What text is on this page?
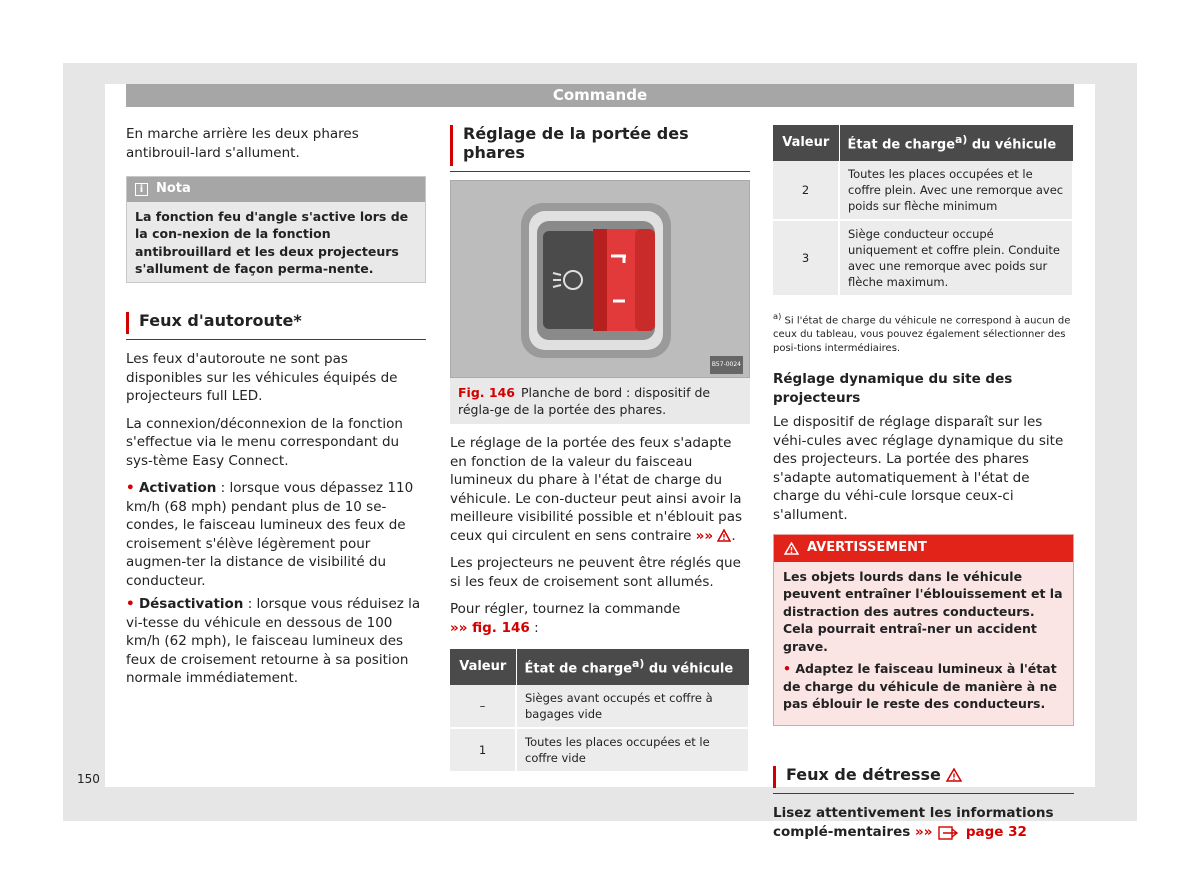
Commande

En marche arrière les deux phares antibrouil-lard s'allument.

i Nota
La fonction feu d'angle s'active lors de la con-nexion de la fonction antibrouillard et les deux projecteurs s'allument de façon perma-nente.
Feux d'autoroute*

Les feux d'autoroute ne sont pas disponibles sur les véhicules équipés de projecteurs full LED.

La connexion/déconnexion de la fonction s'effectue via le menu correspondant du sys-tème Easy Connect.

• Activation : lorsque vous dépassez 110 km/h (68 mph) pendant plus de 10 se-condes, le faisceau lumineux des feux de croisement s'élève légèrement pour augmen-ter la distance de visibilité du conducteur.

• Désactivation : lorsque vous réduisez la vi-tesse du véhicule en dessous de 100 km/h (62 mph), le faisceau lumineux des feux de croisement retourne à sa position normale immédiatement.

Réglage de la portée des phares
B57-0024
Fig. 146 Planche de bord : dispositif de régla-ge de la portée des phares.

Le réglage de la portée des feux s'adapte en fonction de la valeur du faisceau lumineux du phare à l'état de charge du véhicule. Le con-ducteur peut ainsi avoir la meilleure visibilité possible et n'éblouit pas ceux qui circulent en sens contraire »» .

Les projecteurs ne peuvent être réglés que si les feux de croisement sont allumés.

Pour régler, tournez la commande
»» fig. 146 :

Valeur	État de charge$^{a)}$ du véhicule
–	Sièges avant occupés et coffre à bagages vide
1	Toutes les places occupées et le coffre vide
Valeur	État de charge$^{a)}$ du véhicule
2	Toutes les places occupées et le coffre plein. Avec une remorque avec poids sur flèche minimum
3	Siège conducteur occupé uniquement et coffre plein. Conduite avec une remorque avec poids sur flèche maximum.
$^{a)}$ Si l'état de charge du véhicule ne correspond à aucun de ceux du tableau, vous pouvez également sélectionner des posi-tions intermédiaires.
Réglage dynamique du site des projecteurs

Le dispositif de réglage disparaît sur les véhi-cules avec réglage dynamique du site des projecteurs. La portée des phares s'adapte automatiquement à l'état de charge du véhi-cule lorsque ceux-ci s'allument.

AVERTISSEMENT

Les objets lourds dans le véhicule peuvent entraîner l'éblouissement et la distraction des autres conducteurs. Cela pourrait entraî-ner un accident grave.

• Adaptez le faisceau lumineux à l'état de charge du véhicule de manière à ne pas éblouir le reste des conducteurs.

Feux de détresse
Lisez attentivement les informations complé-mentaires »» page 32
150
